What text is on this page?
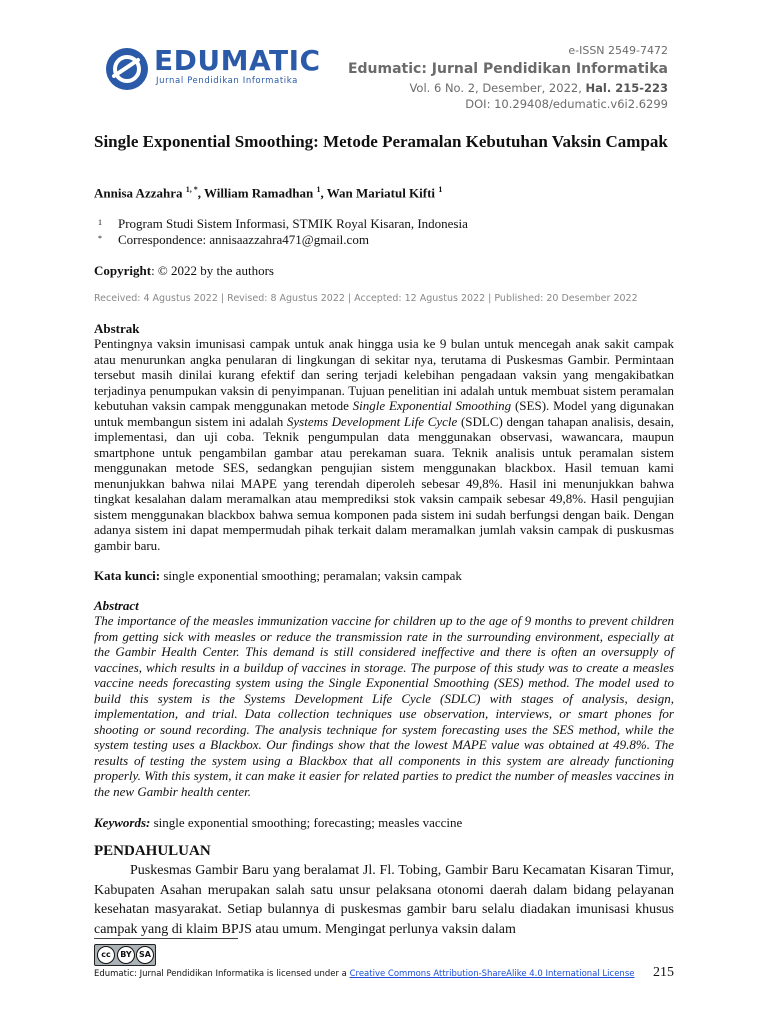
EDUMATIC
Jurnal Pendidikan Informatika
e-ISSN 2549-7472
Edumatic: Jurnal Pendidikan Informatika
Vol. 6 No. 2, Desember, 2022, Hal. 215-223
DOI: 10.29408/edumatic.v6i2.6299
Single Exponential Smoothing: Metode Peramalan Kebutuhan Vaksin Campak
Annisa Azzahra $^{1, *}$, William Ramadhan $^1$, Wan Mariatul Kifti $^1$
1 Program Studi Sistem Informasi, STMIK Royal Kisaran, Indonesia
* Correspondence: annisaazzahra471@gmail.com
Copyright: © 2022 by the authors
Received: 4 Agustus 2022 | Revised: 8 Agustus 2022 | Accepted: 12 Agustus 2022 | Published: 20 Desember 2022
Abstrak
Pentingnya vaksin imunisasi campak untuk anak hingga usia ke 9 bulan untuk mencegah anak sakit campak atau menurunkan angka penularan di lingkungan di sekitar nya, terutama di Puskesmas Gambir. Permintaan tersebut masih dinilai kurang efektif dan sering terjadi kelebihan pengadaan vaksin yang mengakibatkan terjadinya penumpukan vaksin di penyimpanan. Tujuan penelitian ini adalah untuk membuat sistem peramalan kebutuhan vaksin campak menggunakan metode Single Exponential Smoothing (SES). Model yang digunakan untuk membangun sistem ini adalah Systems Development Life Cycle (SDLC) dengan tahapan analisis, desain, implementasi, dan uji coba. Teknik pengumpulan data menggunakan observasi, wawancara, maupun smartphone untuk pengambilan gambar atau perekaman suara. Teknik analisis untuk peramalan sistem menggunakan metode SES, sedangkan pengujian sistem menggunakan blackbox. Hasil temuan kami menunjukkan bahwa nilai MAPE yang terendah diperoleh sebesar 49,8%. Hasil ini menunjukkan bahwa tingkat kesalahan dalam meramalkan atau memprediksi stok vaksin campaik sebesar 49,8%. Hasil pengujian sistem menggunakan blackbox bahwa semua komponen pada sistem ini sudah berfungsi dengan baik. Dengan adanya sistem ini dapat mempermudah pihak terkait dalam meramalkan jumlah vaksin campak di puskusmas gambir baru.
Kata kunci: single exponential smoothing; peramalan; vaksin campak
Abstract
The importance of the measles immunization vaccine for children up to the age of 9 months to prevent children from getting sick with measles or reduce the transmission rate in the surrounding environment, especially at the Gambir Health Center. This demand is still considered ineffective and there is often an oversupply of vaccines, which results in a buildup of vaccines in storage. The purpose of this study was to create a measles vaccine needs forecasting system using the Single Exponential Smoothing (SES) method. The model used to build this system is the Systems Development Life Cycle (SDLC) with stages of analysis, design, implementation, and trial. Data collection techniques use observation, interviews, or smart phones for shooting or sound recording. The analysis technique for system forecasting uses the SES method, while the system testing uses a Blackbox. Our findings show that the lowest MAPE value was obtained at 49.8%. The results of testing the system using a Blackbox that all components in this system are already functioning properly. With this system, it can make it easier for related parties to predict the number of measles vaccines in the new Gambir health center.
Keywords: single exponential smoothing; forecasting; measles vaccine
PENDAHULUAN
Puskesmas Gambir Baru yang beralamat Jl. Fl. Tobing, Gambir Baru Kecamatan Kisaran Timur, Kabupaten Asahan merupakan salah satu unsur pelaksana otonomi daerah dalam bidang pelayanan kesehatan masyarakat. Setiap bulannya di puskesmas gambir baru selalu diadakan imunisasi khusus campak yang di klaim BPJS atau umum. Mengingat perlunya vaksin dalam
cc	BY SA
Edumatic: Jurnal Pendidikan Informatika is licensed under a Creative Commons Attribution-ShareAlike 4.0 International License 215
